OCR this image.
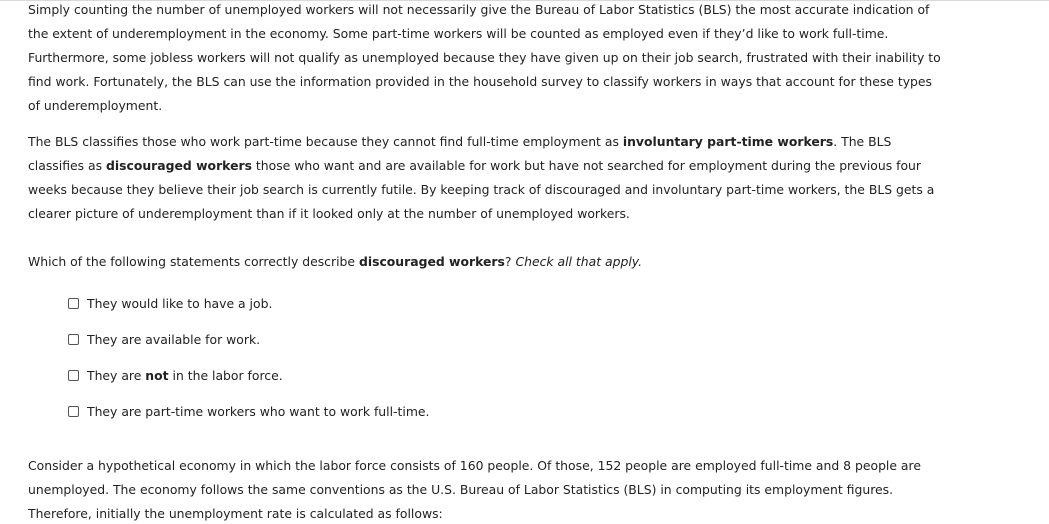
Simply counting the number of unemployed workers will not necessarily give the Bureau of Labor Statistics (BLS) the most accurate indication of the extent of underemployment in the economy. Some part-time workers will be counted as employed even if they’d like to work full-time. Furthermore, some jobless workers will not qualify as unemployed because they have given up on their job search, frustrated with their inability to find work. Fortunately, the BLS can use the information provided in the household survey to classify workers in ways that account for these types of underemployment.

The BLS classifies those who work part-time because they cannot find full-time employment as involuntary part-time workers. The BLS classifies as discouraged workers those who want and are available for work but have not searched for employment during the previous four weeks because they believe their job search is currently futile. By keeping track of discouraged and involuntary part-time workers, the BLS gets a clearer picture of underemployment than if it looked only at the number of unemployed workers.

Which of the following statements correctly describe discouraged workers? Check all that apply.

They would like to have a job.
They are available for work.
They are not in the labor force.
They are part-time workers who want to work full-time.

Consider a hypothetical economy in which the labor force consists of 160 people. Of those, 152 people are employed full-time and 8 people are unemployed. The economy follows the same conventions as the U.S. Bureau of Labor Statistics (BLS) in computing its employment figures. Therefore, initially the unemployment rate is calculated as follows:
